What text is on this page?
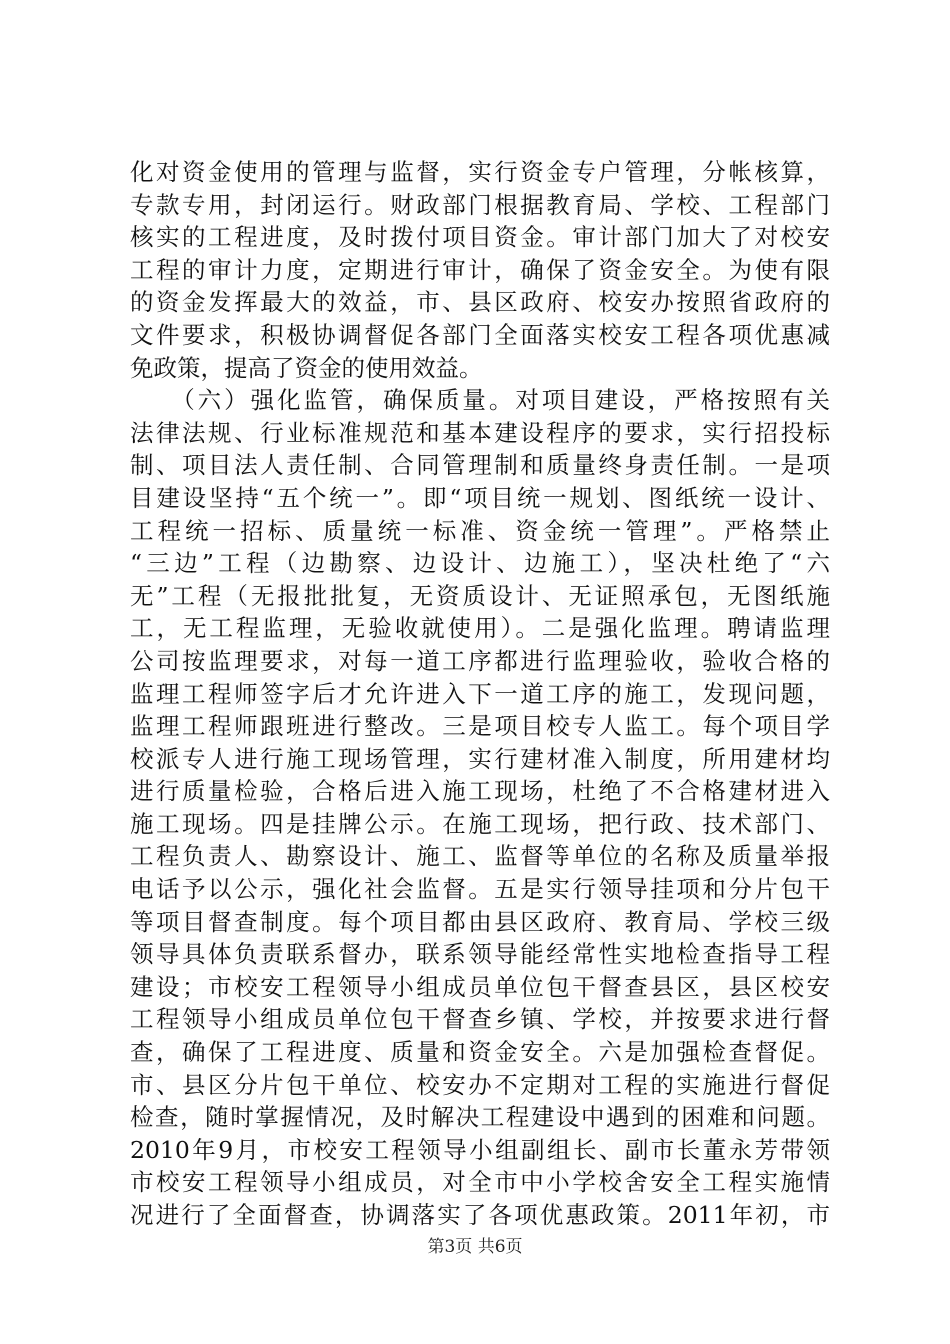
化对资金使用的管理与监督，实行资金专户管理，分帐核算，
专款专用，封闭运行。财政部门根据教育局、学校、工程部门
核实的工程进度，及时拨付项目资金。审计部门加大了对校安
工程的审计力度，定期进行审计，确保了资金安全。为使有限
的资金发挥最大的效益，市、县区政府、校安办按照省政府的
文件要求，积极协调督促各部门全面落实校安工程各项优惠减
免政策，提高了资金的使用效益。
　　（六）强化监管，确保质量。对项目建设，严格按照有关
法律法规、行业标准规范和基本建设程序的要求，实行招投标
制、项目法人责任制、合同管理制和质量终身责任制。一是项
目建设坚持“五个统一”。即“项目统一规划、图纸统一设计、
工程统一招标、质量统一标准、资金统一管理”。严格禁止
“三边”工程（边勘察、边设计、边施工），坚决杜绝了“六
无”工程（无报批批复，无资质设计、无证照承包，无图纸施
工，无工程监理，无验收就使用）。二是强化监理。聘请监理
公司按监理要求，对每一道工序都进行监理验收，验收合格的
监理工程师签字后才允许进入下一道工序的施工，发现问题，
监理工程师跟班进行整改。三是项目校专人监工。每个项目学
校派专人进行施工现场管理，实行建材准入制度，所用建材均
进行质量检验，合格后进入施工现场，杜绝了不合格建材进入
施工现场。四是挂牌公示。在施工现场，把行政、技术部门、
工程负责人、勘察设计、施工、监督等单位的名称及质量举报
电话予以公示，强化社会监督。五是实行领导挂项和分片包干
等项目督查制度。每个项目都由县区政府、教育局、学校三级
领导具体负责联系督办，联系领导能经常性实地检查指导工程
建设；市校安工程领导小组成员单位包干督查县区，县区校安
工程领导小组成员单位包干督查乡镇、学校，并按要求进行督
查，确保了工程进度、质量和资金安全。六是加强检查督促。
市、县区分片包干单位、校安办不定期对工程的实施进行督促
检查，随时掌握情况，及时解决工程建设中遇到的困难和问题。
2010年9月，市校安工程领导小组副组长、副市长董永芳带领
市校安工程领导小组成员，对全市中小学校舍安全工程实施情
况进行了全面督查，协调落实了各项优惠政策。2011年初，市
第3页 共6页
